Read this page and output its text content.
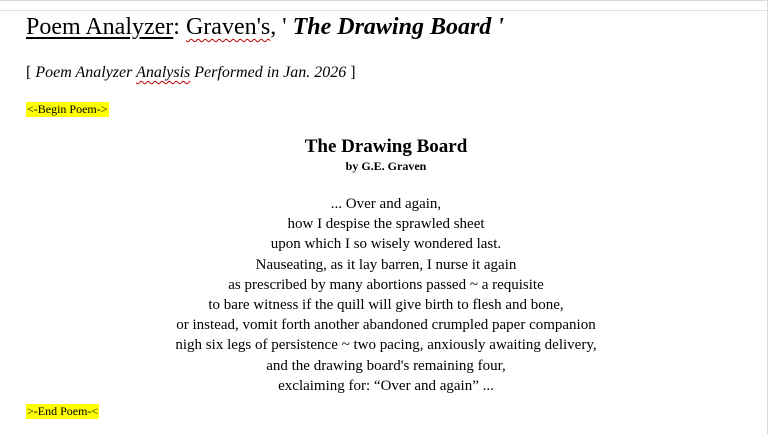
Poem Analyzer: Graven's, ' The Drawing Board '
[ Poem Analyzer Analysis Performed in Jan. 2026 ]
<-Begin Poem->
The Drawing Board
by G.E. Graven
... Over and again,
how I despise the sprawled sheet
upon which I so wisely wondered last.
Nauseating, as it lay barren, I nurse it again
as prescribed by many abortions passed ~ a requisite
to bare witness if the quill will give birth to flesh and bone,
or instead, vomit forth another abandoned crumpled paper companion
nigh six legs of persistence ~ two pacing, anxiously awaiting delivery,
and the drawing board's remaining four,
exclaiming for: “Over and again” ...
>-End Poem-<
